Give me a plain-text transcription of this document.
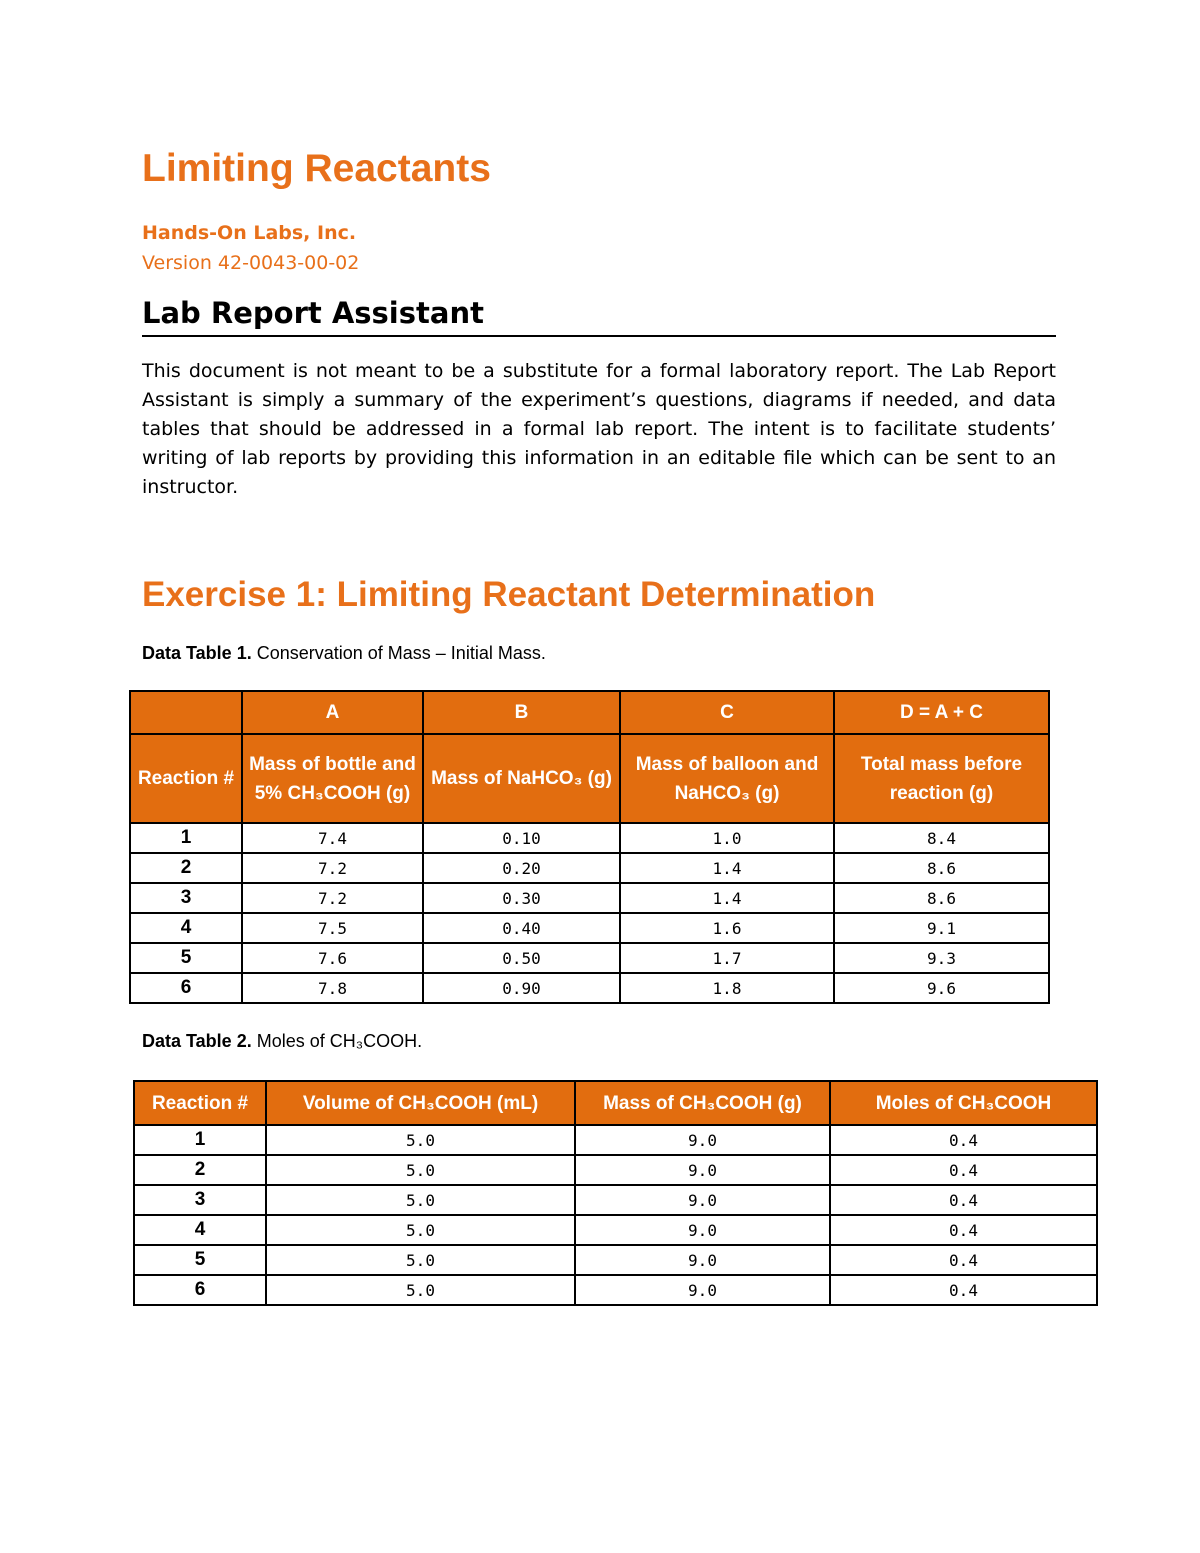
Limiting Reactants
Hands-On Labs, Inc.
Version 42-0043-00-02
Lab Report Assistant

This document is not meant to be a substitute for a formal laboratory report. The Lab Report Assistant is simply a summary of the experiment’s questions, diagrams if needed, and data tables that should be addressed in a formal lab report. The intent is to facilitate students’ writing of lab reports by providing this information in an editable file which can be sent to an instructor.

Exercise 1: Limiting Reactant Determination
Data Table 1. Conservation of Mass – Initial Mass.
	A	B	C	D = A + C
Reaction #	Mass of bottle and 5% CH₃COOH (g)	Mass of NaHCO₃ (g)	Mass of balloon and NaHCO₃ (g)	Total mass before reaction (g)
1	7.4	0.10	1.0	8.4
2	7.2	0.20	1.4	8.6
3	7.2	0.30	1.4	8.6
4	7.5	0.40	1.6	9.1
5	7.6	0.50	1.7	9.3
6	7.8	0.90	1.8	9.6
Data Table 2. Moles of CH₃COOH.
Reaction #	Volume of CH₃COOH (mL)	Mass of CH₃COOH (g)	Moles of CH₃COOH
1	5.0	9.0	0.4
2	5.0	9.0	0.4
3	5.0	9.0	0.4
4	5.0	9.0	0.4
5	5.0	9.0	0.4
6	5.0	9.0	0.4
